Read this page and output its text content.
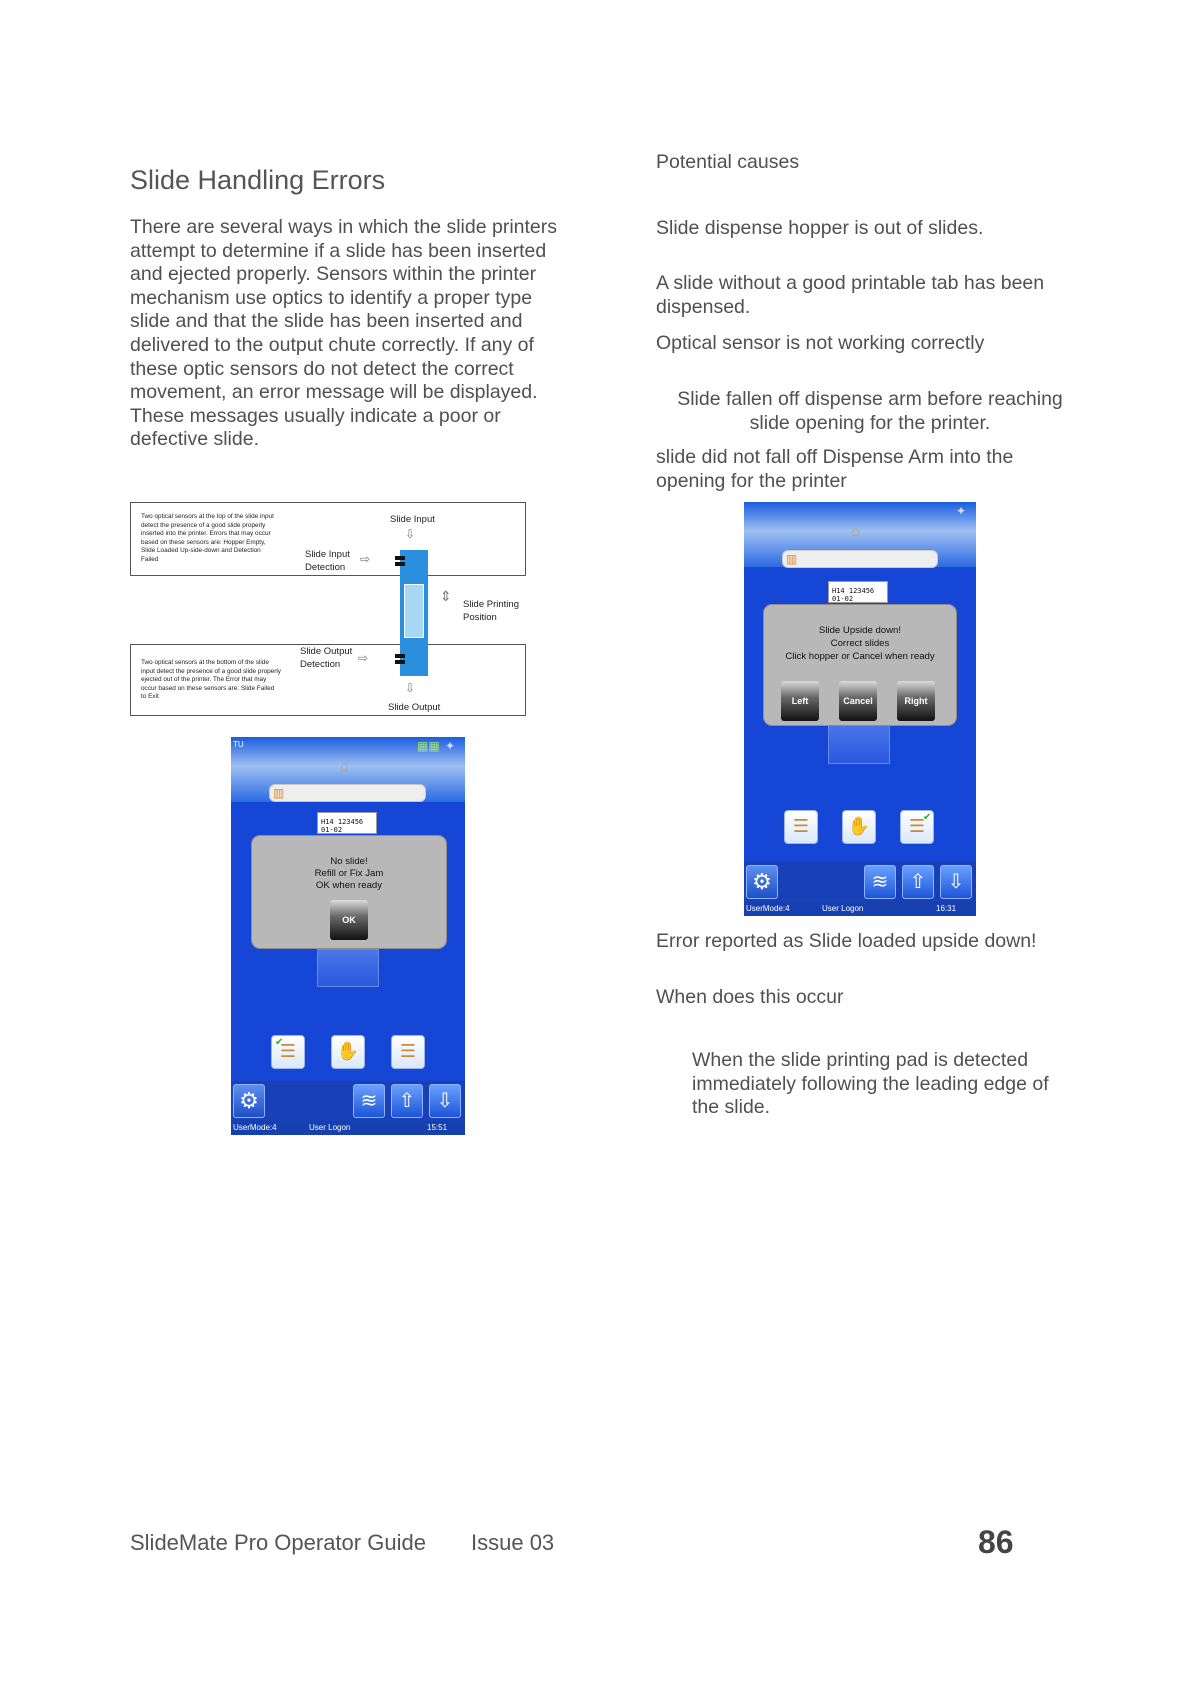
Slide Handling Errors

There are several ways in which the slide printers attempt to determine if a slide has been inserted and ejected properly. Sensors within the printer mechanism use optics to identify a proper type slide and that the slide has been inserted and delivered to the output chute correctly. If any of these optic sensors do not detect the correct movement, an error message will be displayed. These messages usually indicate a poor or defective slide.

Two optical sensors at the top of the slide input detect the presence of a good slide properly inserted into the printer. Errors that may occur based on these sensors are: Hopper Empty, Slide Loaded Up-side-down and Detection Failed
Two optical sensors at the bottom of the slide input detect the presence of a good slide properly ejected out of the printer. The Error that may occur based on these sensors are: Slide Failed to Exit
Slide Input
⇩
Slide Input
Detection
⇨
⇕
Slide Printing
Position
Slide Output
Detection ⇨
⇩
Slide Output
TU	▦▦ ✦
⌂
▥
H14 123456
01-02
No slide!
Refill or Fix Jam
OK when ready
OK
✔
☰	✋	☰
⚙	≋	⇧	⇩
UserMode:4	User Logon	15:51

Potential causes

Slide dispense hopper is out of slides.

A slide without a good printable tab has been dispensed.

Optical sensor is not working correctly

Slide fallen off dispense arm before reaching slide opening for the printer.

slide did not fall off Dispense Arm into the opening for the printer

✦
⌂
▥
H14 123456
01-02
Slide Upside down!
Correct slides
Click hopper or Cancel when ready
Left	Cancel	Right
☰	✋	✔
☰
⚙	≋	⇧	⇩
UserMode:4	User Logon	16:31

Error reported as Slide loaded upside down!

When does this occur

When the slide printing pad is detected immediately following the leading edge of the slide.

SlideMate Pro Operator Guide Issue 03	86
